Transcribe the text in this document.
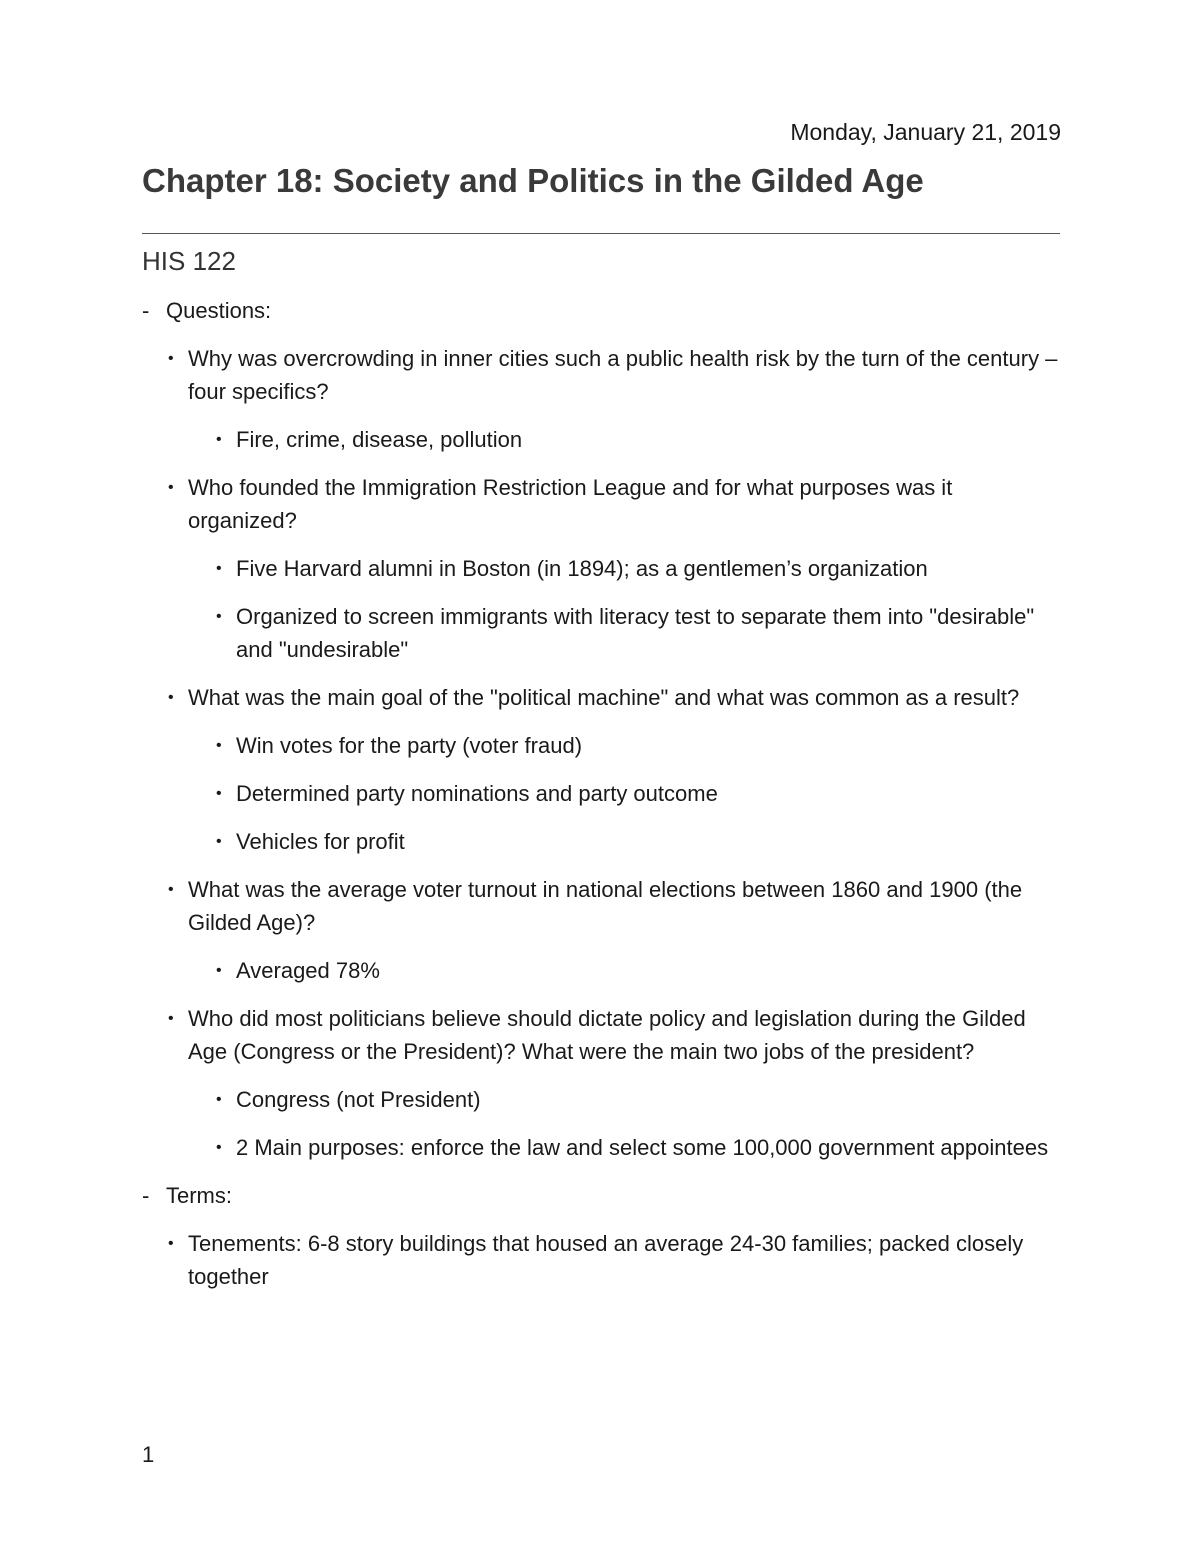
Monday, January 21, 2019
Chapter 18: Society and Politics in the Gilded Age
HIS 122
- Questions:
• Why was overcrowding in inner cities such a public health risk by the turn of the century – four specifics?
• Fire, crime, disease, pollution
• Who founded the Immigration Restriction League and for what purposes was it organized?
• Five Harvard alumni in Boston (in 1894); as a gentlemen’s organization
• Organized to screen immigrants with literacy test to separate them into "desirable" and "undesirable"
• What was the main goal of the "political machine" and what was common as a result?
• Win votes for the party (voter fraud)
• Determined party nominations and party outcome
• Vehicles for profit
• What was the average voter turnout in national elections between 1860 and 1900 (the Gilded Age)?
• Averaged 78%
• Who did most politicians believe should dictate policy and legislation during the Gilded Age (Congress or the President)? What were the main two jobs of the president?
• Congress (not President)
• 2 Main purposes: enforce the law and select some 100,000 government appointees
- Terms:
• Tenements: 6-8 story buildings that housed an average 24-30 families; packed closely together
1
